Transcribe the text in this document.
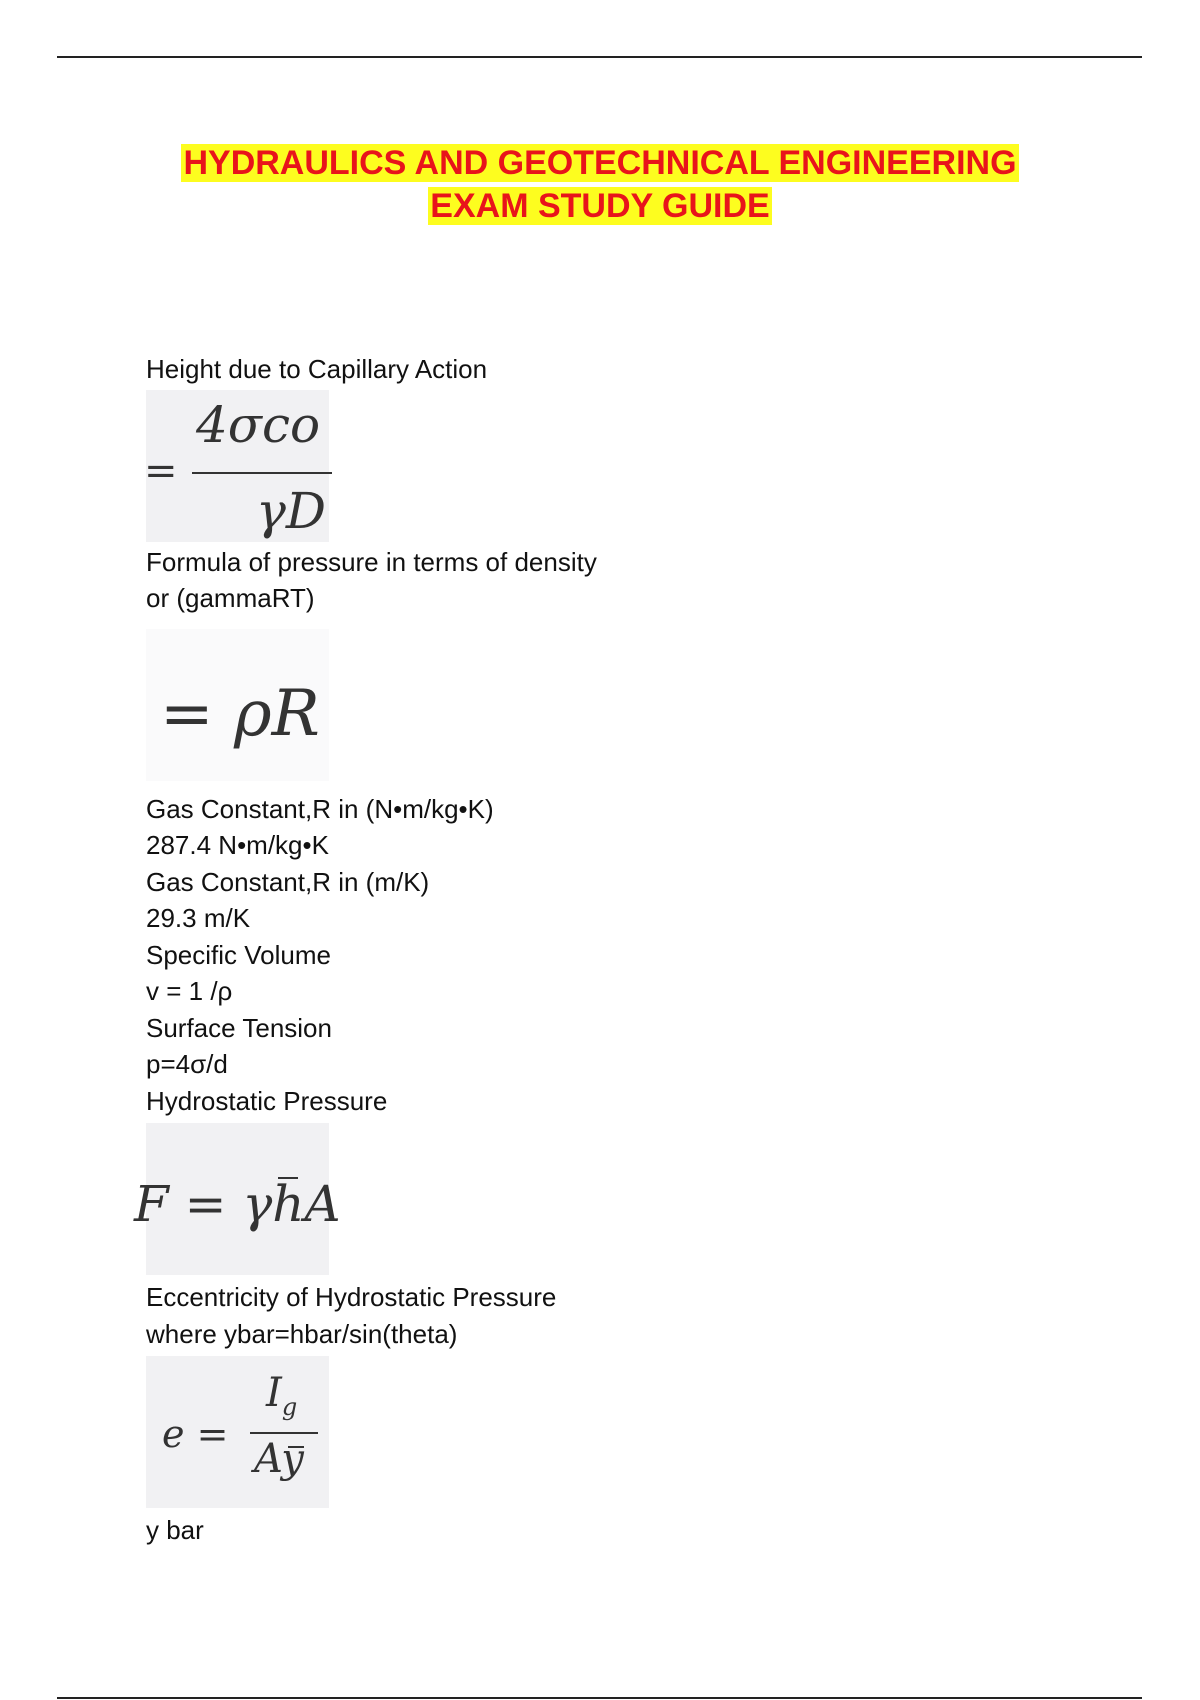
HYDRAULICS AND GEOTECHNICAL ENGINEERING
EXAM STUDY GUIDE
Height due to Capillary Action
=
4σco
γD
Formula of pressure in terms of density
or (gammaRT)
= ρR
Gas Constant,R in (N•m/kg•K)
287.4 N•m/kg•K
Gas Constant,R in (m/K)
29.3 m/K
Specific Volume
v = 1 /ρ
Surface Tension
p=4σ/d
Hydrostatic Pressure
F = γhA
Eccentricity of Hydrostatic Pressure
where ybar=hbar/sin(theta)
e =
$I_g$
Ay
y bar
